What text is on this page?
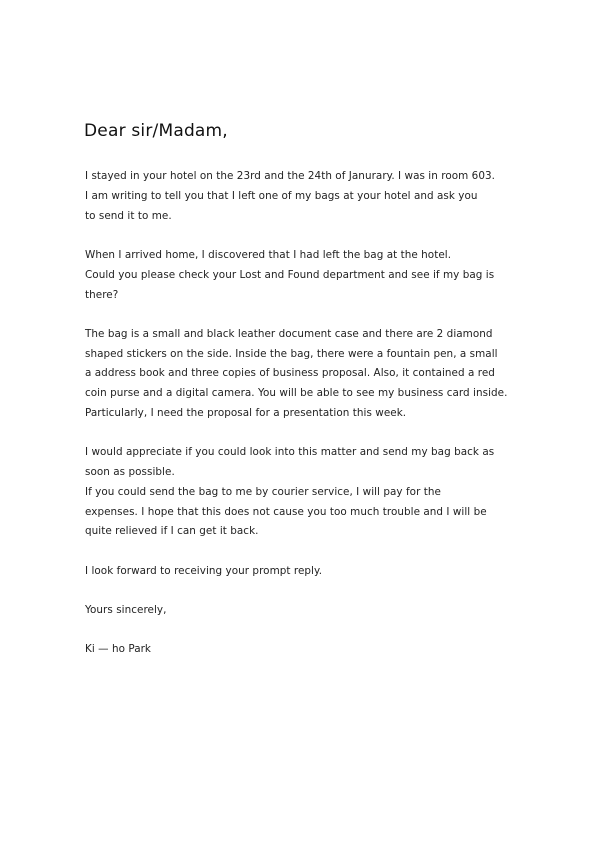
Dear sir/Madam,
I stayed in your hotel on the 23rd and the 24th of Janurary. I was in room 603.
I am writing to tell you that I left one of my bags at your hotel and ask you
to send it to me.
When I arrived home, I discovered that I had left the bag at the hotel.
Could you please check your Lost and Found department and see if my bag is
there?
The bag is a small and black leather document case and there are 2 diamond
shaped stickers on the side. Inside the bag, there were a fountain pen, a small
a address book and three copies of business proposal. Also, it contained a red
coin purse and a digital camera. You will be able to see my business card inside.
Particularly, I need the proposal for a presentation this week.
I would appreciate if you could look into this matter and send my bag back as
soon as possible.
If you could send the bag to me by courier service, I will pay for the
expenses. I hope that this does not cause you too much trouble and I will be
quite relieved if I can get it back.
I look forward to receiving your prompt reply.
Yours sincerely,
Ki — ho Park
